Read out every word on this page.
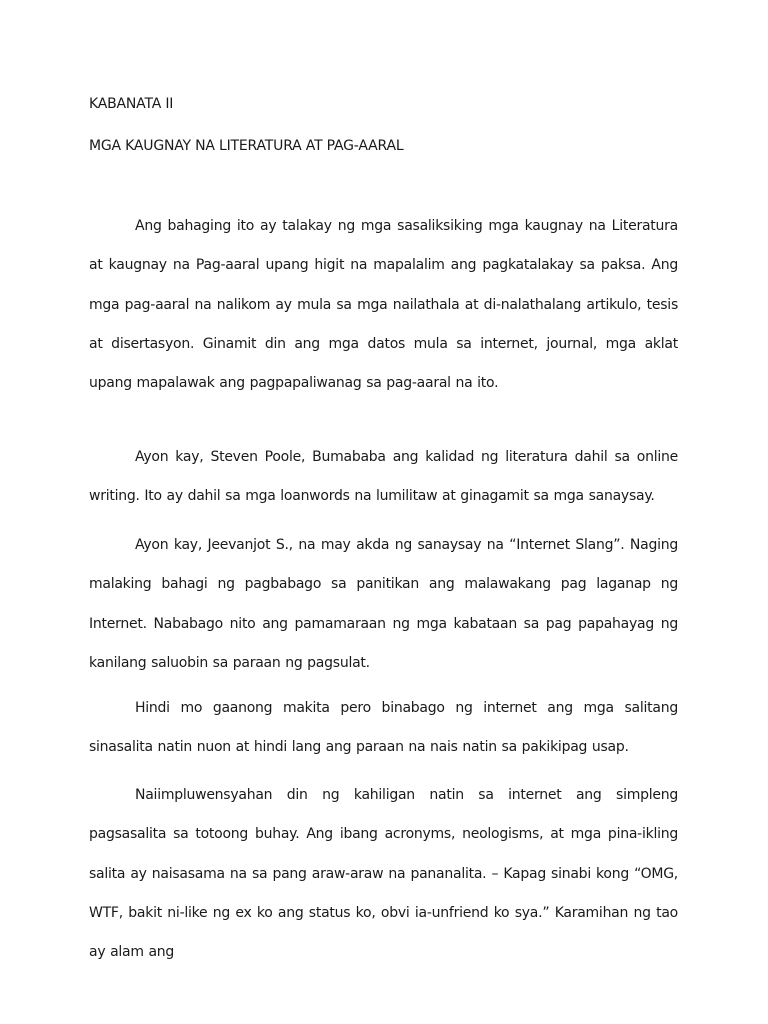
KABANATA II

MGA KAUGNAY NA LITERATURA AT PAG-AARAL

Ang bahaging ito ay talakay ng mga sasaliksiking mga kaugnay na Literatura at kaugnay na Pag-aaral upang higit na mapalalim ang pagkatalakay sa paksa. Ang mga pag-aaral na nalikom ay mula sa mga nailathala at di-nalathalang artikulo, tesis at disertasyon. Ginamit din ang mga datos mula sa internet, journal, mga aklat upang mapalawak ang pagpapaliwanag sa pag-aaral na ito.

Ayon kay, Steven Poole, Bumababa ang kalidad ng literatura dahil sa online writing. Ito ay dahil sa mga loanwords na lumilitaw at ginagamit sa mga sanaysay.

Ayon kay, Jeevanjot S., na may akda ng sanaysay na “Internet Slang”. Naging malaking bahagi ng pagbabago sa panitikan ang malawakang pag laganap ng Internet. Nababago nito ang pamamaraan ng mga kabataan sa pag papahayag ng kanilang saluobin sa paraan ng pagsulat.

Hindi mo gaanong makita pero binabago ng internet ang mga salitang sinasalita natin nuon at hindi lang ang paraan na nais natin sa pakikipag usap.

Naiimpluwensyahan din ng kahiligan natin sa internet ang simpleng pagsasalita sa totoong buhay. Ang ibang acronyms, neologisms, at mga pina-ikling salita ay naisasama na sa pang araw-araw na pananalita. – Kapag sinabi kong “OMG, WTF, bakit ni-like ng ex ko ang status ko, obvi ia-unfriend ko sya.” Karamihan ng tao ay alam ang
